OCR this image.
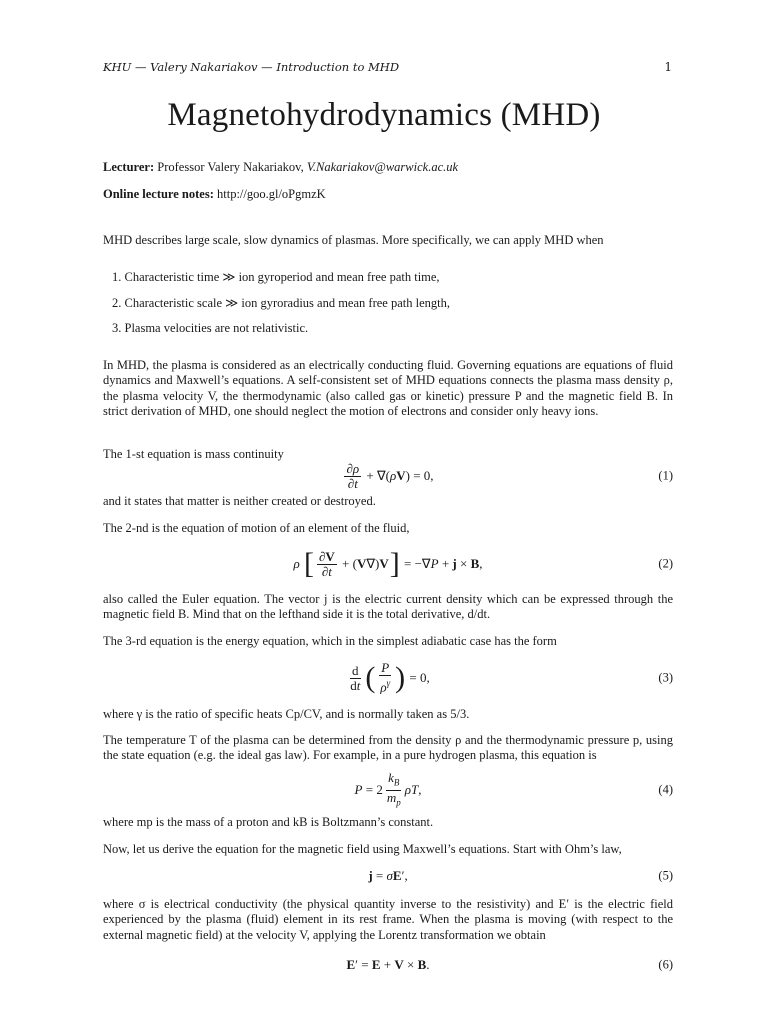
KHU — Valery Nakariakov — Introduction to MHD	1
Magnetohydrodynamics (MHD)
Lecturer: Professor Valery Nakariakov, V.Nakariakov@warwick.ac.uk
Online lecture notes: http://goo.gl/oPgmzK
MHD describes large scale, slow dynamics of plasmas. More specifically, we can apply MHD when
1. Characteristic time ≫ ion gyroperiod and mean free path time,
2. Characteristic scale ≫ ion gyroradius and mean free path length,
3. Plasma velocities are not relativistic.
In MHD, the plasma is considered as an electrically conducting fluid. Governing equations are equations of fluid dynamics and Maxwell’s equations. A self-consistent set of MHD equations connects the plasma mass density ρ, the plasma velocity V, the thermodynamic (also called gas or kinetic) pressure P and the magnetic field B. In strict derivation of MHD, one should neglect the motion of electrons and consider only heavy ions.
The 1-st equation is mass continuity
$\frac{\partial\rho}{\partial t} + \nabla(\rho V) = 0$,	(1)
and it states that matter is neither created or destroyed.
The 2-nd is the equation of motion of an element of the fluid,
ρ
[ $\frac{\partial V}{\partial t} + (V\nabla)V$ ] = −∇P + j × B,	(2)
also called the Euler equation. The vector j is the electric current density which can be expressed through the magnetic field B. Mind that on the lefthand side it is the total derivative, d/dt.
The 3-rd equation is the energy equation, which in the simplest adiabatic case has the form
$\frac{d}{dt}$ ( $\frac{P}{\rho^\gamma}$ ) = 0,	(3)
where γ is the ratio of specific heats Cp/CV, and is normally taken as 5/3.
The temperature T of the plasma can be determined from the density ρ and the thermodynamic pressure p, using the state equation (e.g. the ideal gas law). For example, in a pure hydrogen plasma, this equation is
$P = 2 \frac{k_B}{m_p} \rho T$,	(4)
where mp is the mass of a proton and kB is Boltzmann’s constant.
Now, let us derive the equation for the magnetic field using Maxwell’s equations. Start with Ohm’s law,
j = σE′,	(5)
where σ is electrical conductivity (the physical quantity inverse to the resistivity) and E′ is the electric field experienced by the plasma (fluid) element in its rest frame. When the plasma is moving (with respect to the external magnetic field) at the velocity V, applying the Lorentz transformation we obtain
E′ = E + V × B.	(6)
